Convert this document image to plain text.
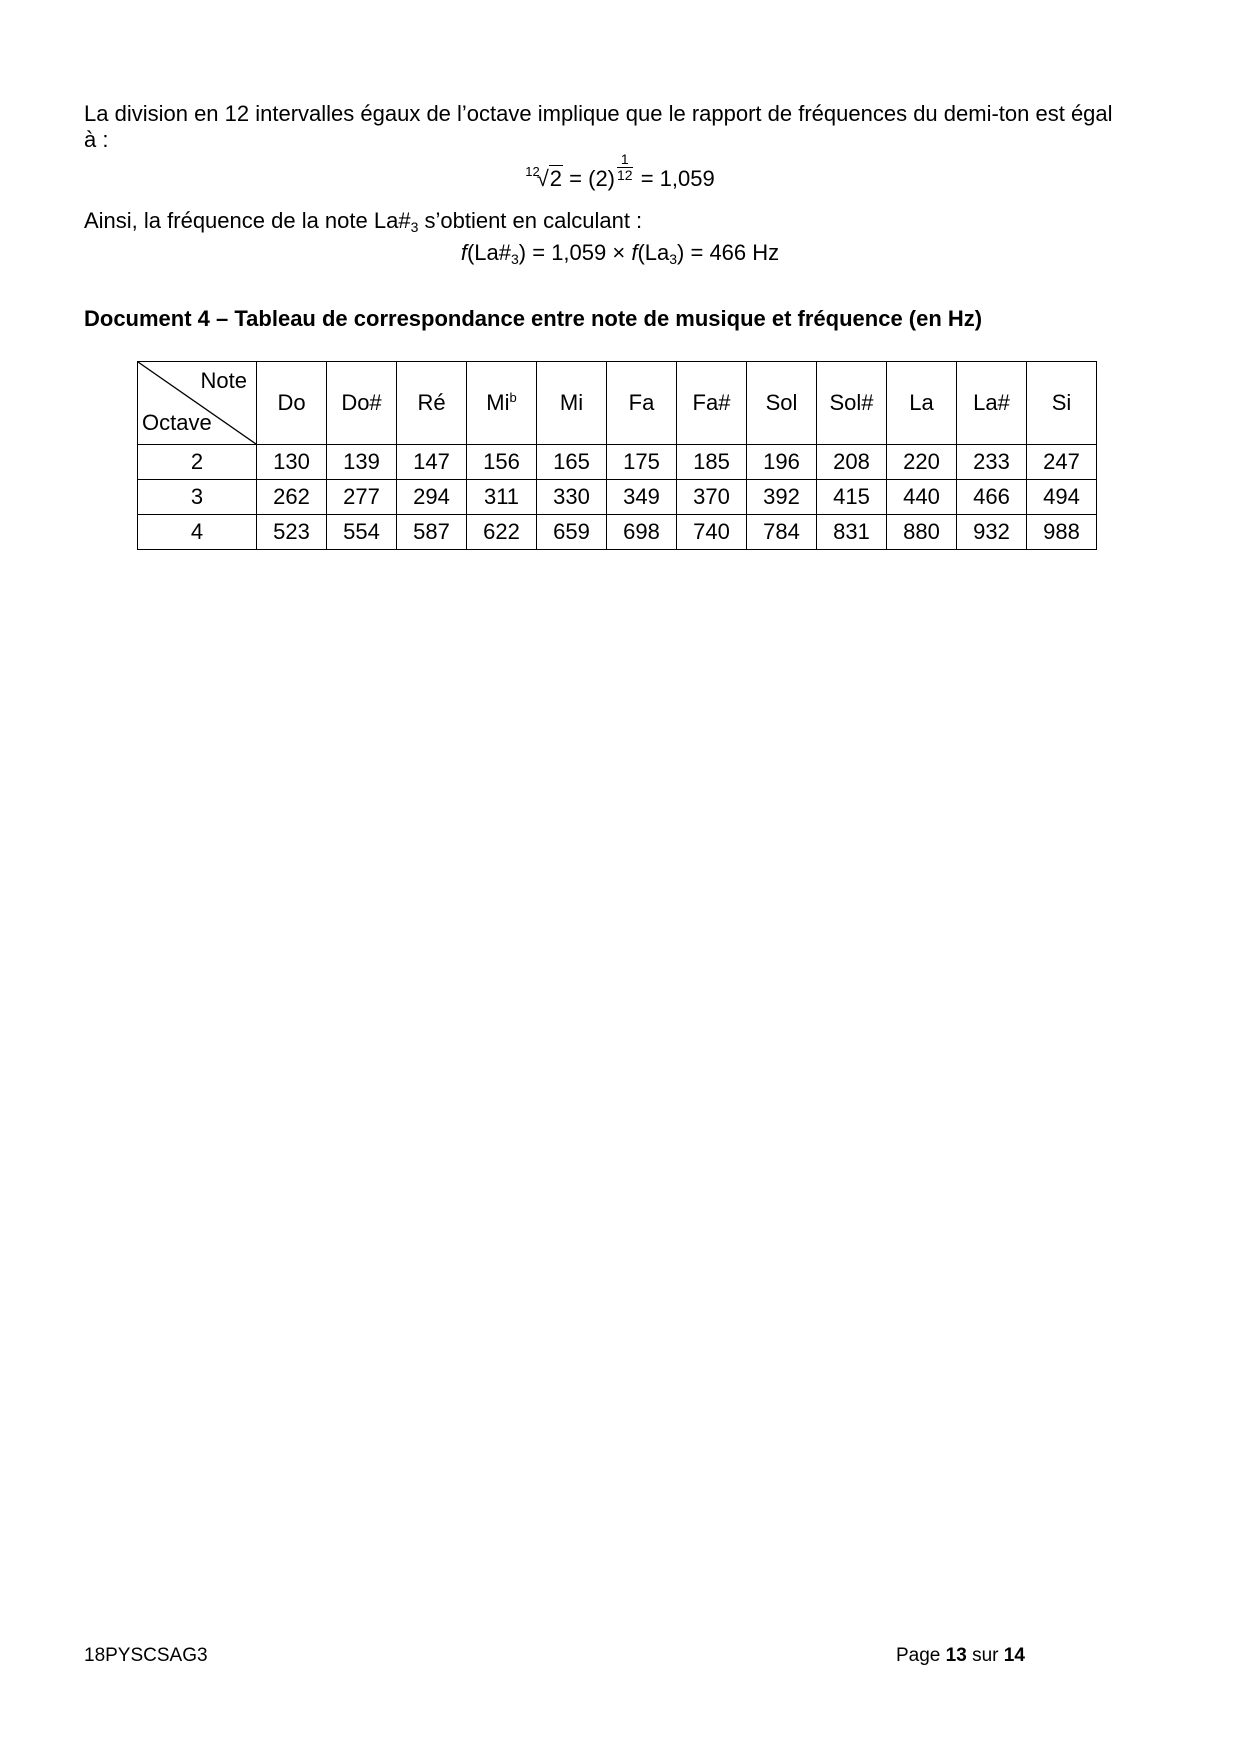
La division en 12 intervalles égaux de l’octave implique que le rapport de fréquences du demi-ton est égal
à :
$^{12}√2 = (2) \frac{1}{12} = 1,059$
Ainsi, la fréquence de la note $La\#_3$ s’obtient en calculant :
$f(La\#_3) = 1,059 \times f(La_3) = 466$ Hz
Document 4 – Tableau de correspondance entre note de musique et fréquence (en Hz)
Note
Octave	Do	Do#	Ré	Mi$^b$	Mi	Fa	Fa#	Sol	Sol#	La	La#	Si
2	130	139	147	156	165	175	185	196	208	220	233	247
3	262	277	294	311	330	349	370	392	415	440	466	494
4	523	554	587	622	659	698	740	784	831	880	932	988
18PYSCSAG3	Page 13 sur 14
